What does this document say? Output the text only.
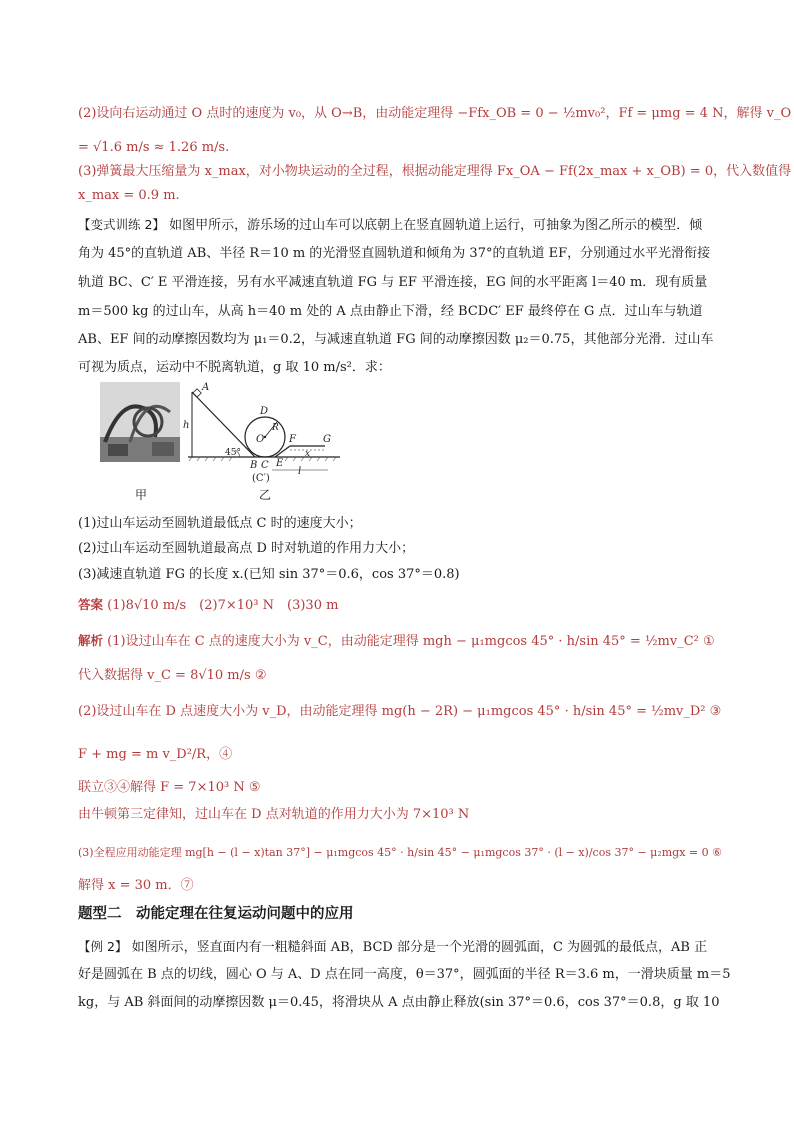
(2)设向右运动通过 O 点时的速度为 v₀，从 O→B，由动能定理得 −Ffx_OB = 0 − ½mv₀²，Ff = μmg = 4 N，解得 v_O
= √1.6 m/s ≈ 1.26 m/s.
(3)弹簧最大压缩量为 x_max，对小物块运动的全过程，根据动能定理得 Fx_OA − Ff(2x_max + x_OB) = 0，代入数值得
x_max = 0.9 m.
【变式训练 2】 如图甲所示，游乐场的过山车可以底朝上在竖直圆轨道上运行，可抽象为图乙所示的模型．倾
角为 45°的直轨道 AB、半径 R＝10 m 的光滑竖直圆轨道和倾角为 37°的直轨道 EF，分别通过水平光滑衔接
轨道 BC、C′ E 平滑连接，另有水平减速直轨道 FG 与 EF 平滑连接，EG 间的水平距离 l＝40 m．现有质量
m＝500 kg 的过山车，从高 h＝40 m 处的 A 点由静止下滑，经 BCDC′ EF 最终停在 G 点．过山车与轨道
AB、EF 间的动摩擦因数均为 μ₁＝0.2，与减速直轨道 FG 间的动摩擦因数 μ₂＝0.75，其他部分光滑．过山车
可视为质点，运动中不脱离轨道，g 取 10 m/s²．求：
甲
A
h
45°
D
O
R
B C E
F	G
x
l
(C′)
乙
(1)过山车运动至圆轨道最低点 C 时的速度大小；
(2)过山车运动至圆轨道最高点 D 时对轨道的作用力大小；
(3)减速直轨道 FG 的长度 x.(已知 sin 37°＝0.6，cos 37°＝0.8)
答案 (1)8√10 m/s　(2)7×10³ N　(3)30 m
解析 (1)设过山车在 C 点的速度大小为 v_C，由动能定理得 mgh − μ₁mgcos 45° · h/sin 45° = ½mv_C² ①
代入数据得 v_C = 8√10 m/s ②
(2)设过山车在 D 点速度大小为 v_D，由动能定理得 mg(h − 2R) − μ₁mgcos 45° · h/sin 45° = ½mv_D² ③
F + mg = m v_D²/R，④
联立③④解得 F = 7×10³ N ⑤
由牛顿第三定律知，过山车在 D 点对轨道的作用力大小为 7×10³ N
(3)全程应用动能定理 mg[h − (l − x)tan 37°] − μ₁mgcos 45° · h/sin 45° − μ₁mgcos 37° · (l − x)/cos 37° − μ₂mgx = 0 ⑥
解得 x = 30 m．⑦
题型二　动能定理在往复运动问题中的应用
【例 2】 如图所示，竖直面内有一粗糙斜面 AB，BCD 部分是一个光滑的圆弧面，C 为圆弧的最低点，AB 正
好是圆弧在 B 点的切线，圆心 O 与 A、D 点在同一高度，θ＝37°，圆弧面的半径 R＝3.6 m，一滑块质量 m＝5
kg，与 AB 斜面间的动摩擦因数 μ＝0.45，将滑块从 A 点由静止释放(sin 37°＝0.6，cos 37°＝0.8，g 取 10
